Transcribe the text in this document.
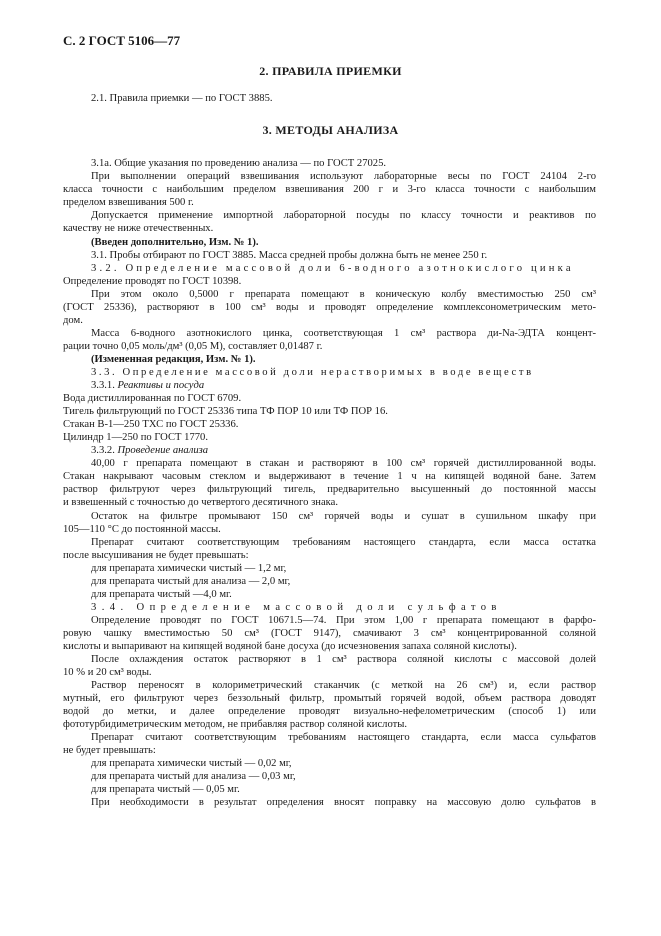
С. 2 ГОСТ 5106—77
2. ПРАВИЛА ПРИЕМКИ
2.1. Правила приемки — по ГОСТ 3885.
3. МЕТОДЫ АНАЛИЗА
3.1а. Общие указания по проведению анализа — по ГОСТ 27025.
При выполнении операций взвешивания используют лабораторные весы по ГОСТ 24104 2-го
класса точности с наибольшим пределом взвешивания 200 г и 3-го класса точности с наибольшим
пределом взвешивания 500 г.
Допускается применение импортной лабораторной посуды по классу точности и реактивов по
качеству не ниже отечественных.
(Введен дополнительно, Изм. № 1).
3.1. Пробы отбирают по ГОСТ 3885. Масса средней пробы должна быть не менее 250 г.
3.2. Определение массовой доли 6-водного азотнокислого цинка
Определение проводят по ГОСТ 10398.
При этом около 0,5000 г препарата помещают в коническую колбу вместимостью 250 см³
(ГОСТ 25336), растворяют в 100 см³ воды и проводят определение комплексонометрическим мето-
дом.
Масса 6-водного азотнокислого цинка, соответствующая 1 см³ раствора ди-Na-ЭДТА концент-
рации точно 0,05 моль/дм³ (0,05 М), составляет 0,01487 г.
(Измененная редакция, Изм. № 1).
3.3. Определение массовой доли нерастворимых в воде веществ
3.3.1. Реактивы и посуда
Вода дистиллированная по ГОСТ 6709.
Тигель фильтрующий по ГОСТ 25336 типа ТФ ПОР 10 или ТФ ПОР 16.
Стакан В-1—250 ТХС по ГОСТ 25336.
Цилиндр 1—250 по ГОСТ 1770.
3.3.2. Проведение анализа
40,00 г препарата помещают в стакан и растворяют в 100 см³ горячей дистиллированной воды.
Стакан накрывают часовым стеклом и выдерживают в течение 1 ч на кипящей водяной бане. Затем
раствор фильтруют через фильтрующий тигель, предварительно высушенный до постоянной массы
и взвешенный с точностью до четвертого десятичного знака.
Остаток на фильтре промывают 150 см³ горячей воды и сушат в сушильном шкафу при
105—110 °С до постоянной массы.
Препарат считают соответствующим требованиям настоящего стандарта, если масса остатка
после высушивания не будет превышать:
для препарата химически чистый — 1,2 мг,
для препарата чистый для анализа — 2,0 мг,
для препарата чистый —4,0 мг.
3.4. Определение массовой доли сульфатов
Определение проводят по ГОСТ 10671.5—74. При этом 1,00 г препарата помещают в фарфо-
ровую чашку вместимостью 50 см³ (ГОСТ 9147), смачивают 3 см³ концентрированной соляной
кислоты и выпаривают на кипящей водяной бане досуха (до исчезновения запаха соляной кислоты).
После охлаждения остаток растворяют в 1 см³ раствора соляной кислоты с массовой долей
10 % и 20 см³ воды.
Раствор переносят в колориметрический стаканчик (с меткой на 26 см³) и, если раствор
мутный, его фильтруют через беззольный фильтр, промытый горячей водой, объем раствора доводят
водой до метки, и далее определение проводят визуально-нефелометрическим (способ 1) или
фототурбидиметрическим методом, не прибавляя раствор соляной кислоты.
Препарат считают соответствующим требованиям настоящего стандарта, если масса сульфатов
не будет превышать:
для препарата химически чистый — 0,02 мг,
для препарата чистый для анализа — 0,03 мг,
для препарата чистый — 0,05 мг.
При необходимости в результат определения вносят поправку на массовую долю сульфатов в
